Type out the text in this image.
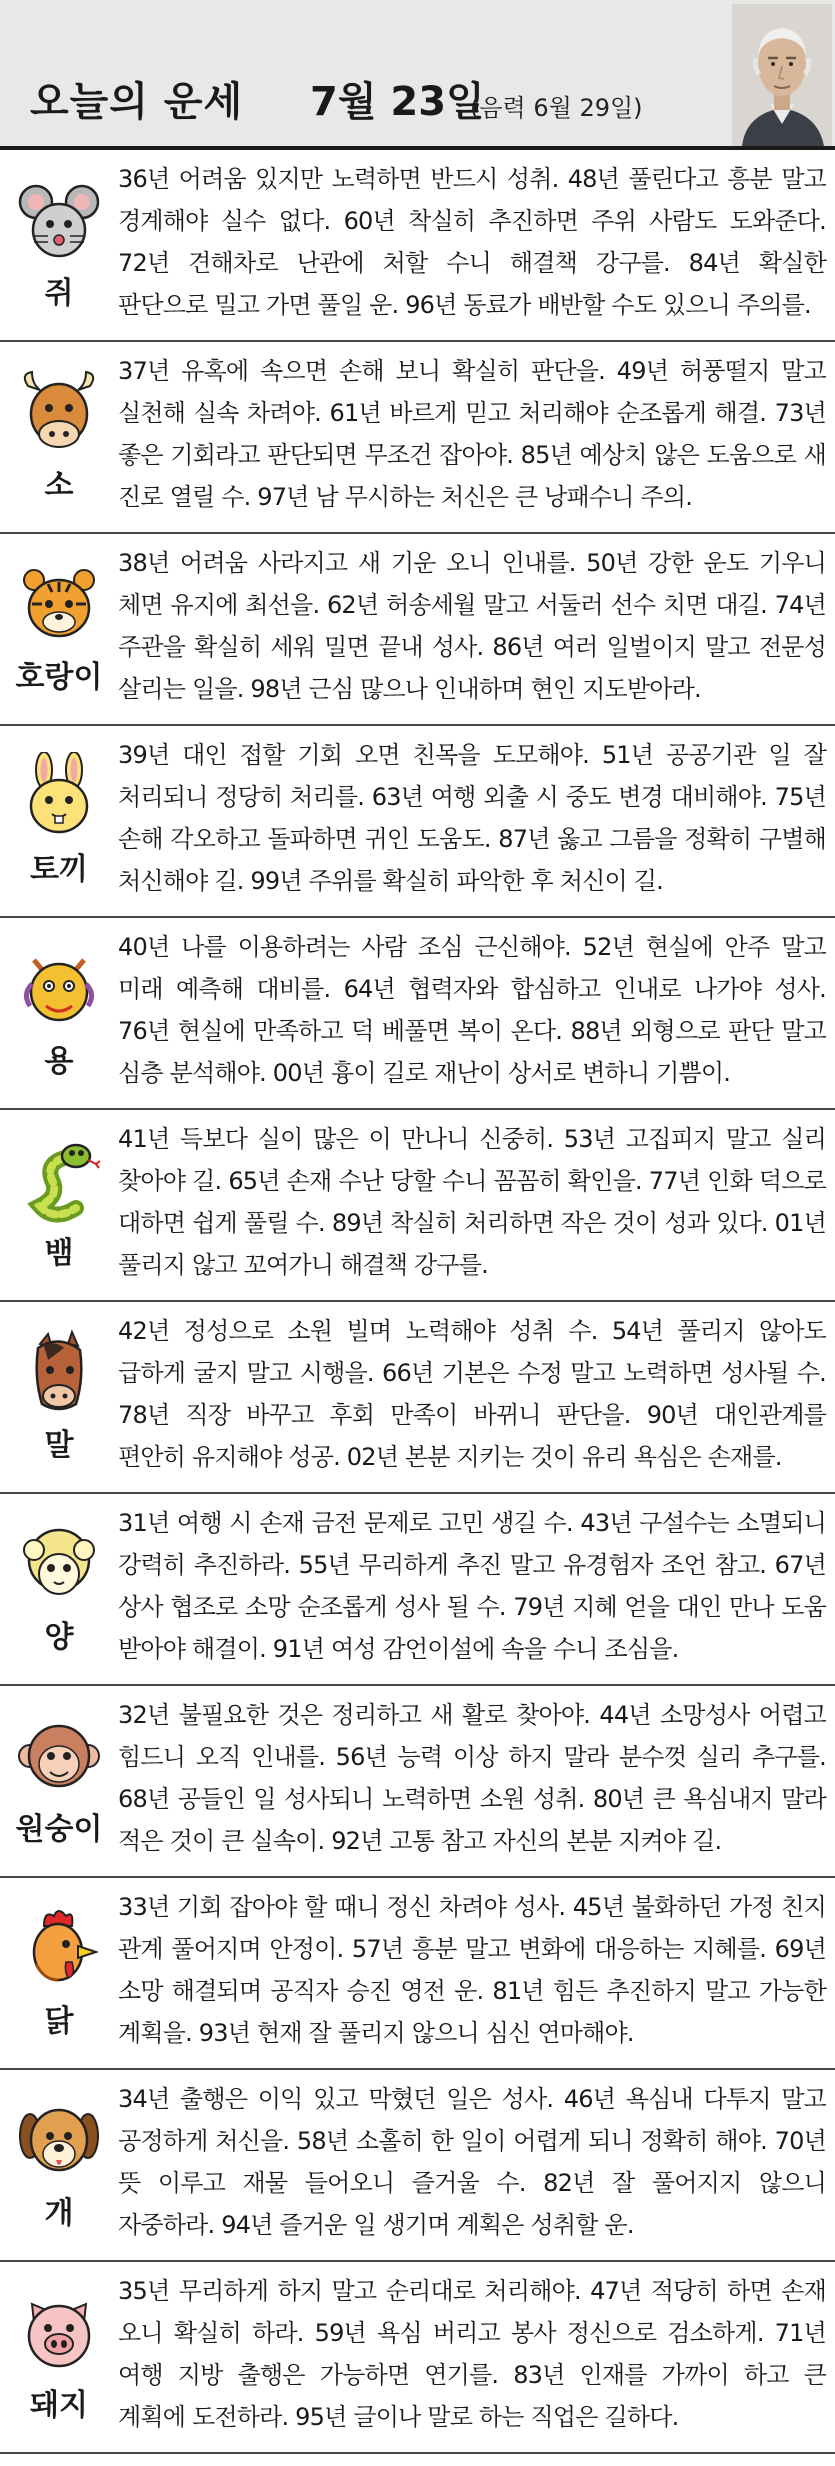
오늘의 운세 7월 23일
(음력 6월 29일)
쥐
36년 어려움 있지만 노력하면 반드시 성취. 48년 풀린다고 흥분 말고 경계해야 실수 없다. 60년 착실히 추진하면 주위 사람도 도와준다. 72년 견해차로 난관에 처할 수니 해결책 강구를. 84년 확실한 판단으로 밀고 가면 풀일 운. 96년 동료가 배반할 수도 있으니 주의를.
소
37년 유혹에 속으면 손해 보니 확실히 판단을. 49년 허풍떨지 말고 실천해 실속 차려야. 61년 바르게 믿고 처리해야 순조롭게 해결. 73년 좋은 기회라고 판단되면 무조건 잡아야. 85년 예상치 않은 도움으로 새 진로 열릴 수. 97년 남 무시하는 처신은 큰 낭패수니 주의.
호랑이
38년 어려움 사라지고 새 기운 오니 인내를. 50년 강한 운도 기우니 체면 유지에 최선을. 62년 허송세월 말고 서둘러 선수 치면 대길. 74년 주관을 확실히 세워 밀면 끝내 성사. 86년 여러 일벌이지 말고 전문성 살리는 일을. 98년 근심 많으나 인내하며 현인 지도받아라.
토끼
39년 대인 접할 기회 오면 친목을 도모해야. 51년 공공기관 일 잘 처리되니 정당히 처리를. 63년 여행 외출 시 중도 변경 대비해야. 75년 손해 각오하고 돌파하면 귀인 도움도. 87년 옳고 그름을 정확히 구별해 처신해야 길. 99년 주위를 확실히 파악한 후 처신이 길.
용
40년 나를 이용하려는 사람 조심 근신해야. 52년 현실에 안주 말고 미래 예측해 대비를. 64년 협력자와 합심하고 인내로 나가야 성사. 76년 현실에 만족하고 덕 베풀면 복이 온다. 88년 외형으로 판단 말고 심층 분석해야. 00년 흉이 길로 재난이 상서로 변하니 기쁨이.
뱀
41년 득보다 실이 많은 이 만나니 신중히. 53년 고집피지 말고 실리 찾아야 길. 65년 손재 수난 당할 수니 꼼꼼히 확인을. 77년 인화 덕으로 대하면 쉽게 풀릴 수. 89년 착실히 처리하면 작은 것이 성과 있다. 01년 풀리지 않고 꼬여가니 해결책 강구를.
말
42년 정성으로 소원 빌며 노력해야 성취 수. 54년 풀리지 않아도 급하게 굴지 말고 시행을. 66년 기본은 수정 말고 노력하면 성사될 수. 78년 직장 바꾸고 후회 만족이 바뀌니 판단을. 90년 대인관계를 편안히 유지해야 성공. 02년 본분 지키는 것이 유리 욕심은 손재를.
양
31년 여행 시 손재 금전 문제로 고민 생길 수. 43년 구설수는 소멸되니 강력히 추진하라. 55년 무리하게 추진 말고 유경험자 조언 참고. 67년 상사 협조로 소망 순조롭게 성사 될 수. 79년 지혜 얻을 대인 만나 도움 받아야 해결이. 91년 여성 감언이설에 속을 수니 조심을.
원숭이
32년 불필요한 것은 정리하고 새 활로 찾아야. 44년 소망성사 어렵고 힘드니 오직 인내를. 56년 능력 이상 하지 말라 분수껏 실리 추구를. 68년 공들인 일 성사되니 노력하면 소원 성취. 80년 큰 욕심내지 말라 적은 것이 큰 실속이. 92년 고통 참고 자신의 본분 지켜야 길.
닭
33년 기회 잡아야 할 때니 정신 차려야 성사. 45년 불화하던 가정 친지 관계 풀어지며 안정이. 57년 흥분 말고 변화에 대응하는 지혜를. 69년 소망 해결되며 공직자 승진 영전 운. 81년 힘든 추진하지 말고 가능한 계획을. 93년 현재 잘 풀리지 않으니 심신 연마해야.
개
34년 출행은 이익 있고 막혔던 일은 성사. 46년 욕심내 다투지 말고 공정하게 처신을. 58년 소홀히 한 일이 어렵게 되니 정확히 해야. 70년 뜻 이루고 재물 들어오니 즐거울 수. 82년 잘 풀어지지 않으니 자중하라. 94년 즐거운 일 생기며 계획은 성취할 운.
돼지
35년 무리하게 하지 말고 순리대로 처리해야. 47년 적당히 하면 손재 오니 확실히 하라. 59년 욕심 버리고 봉사 정신으로 검소하게. 71년 여행 지방 출행은 가능하면 연기를. 83년 인재를 가까이 하고 큰 계획에 도전하라. 95년 글이나 말로 하는 직업은 길하다.
